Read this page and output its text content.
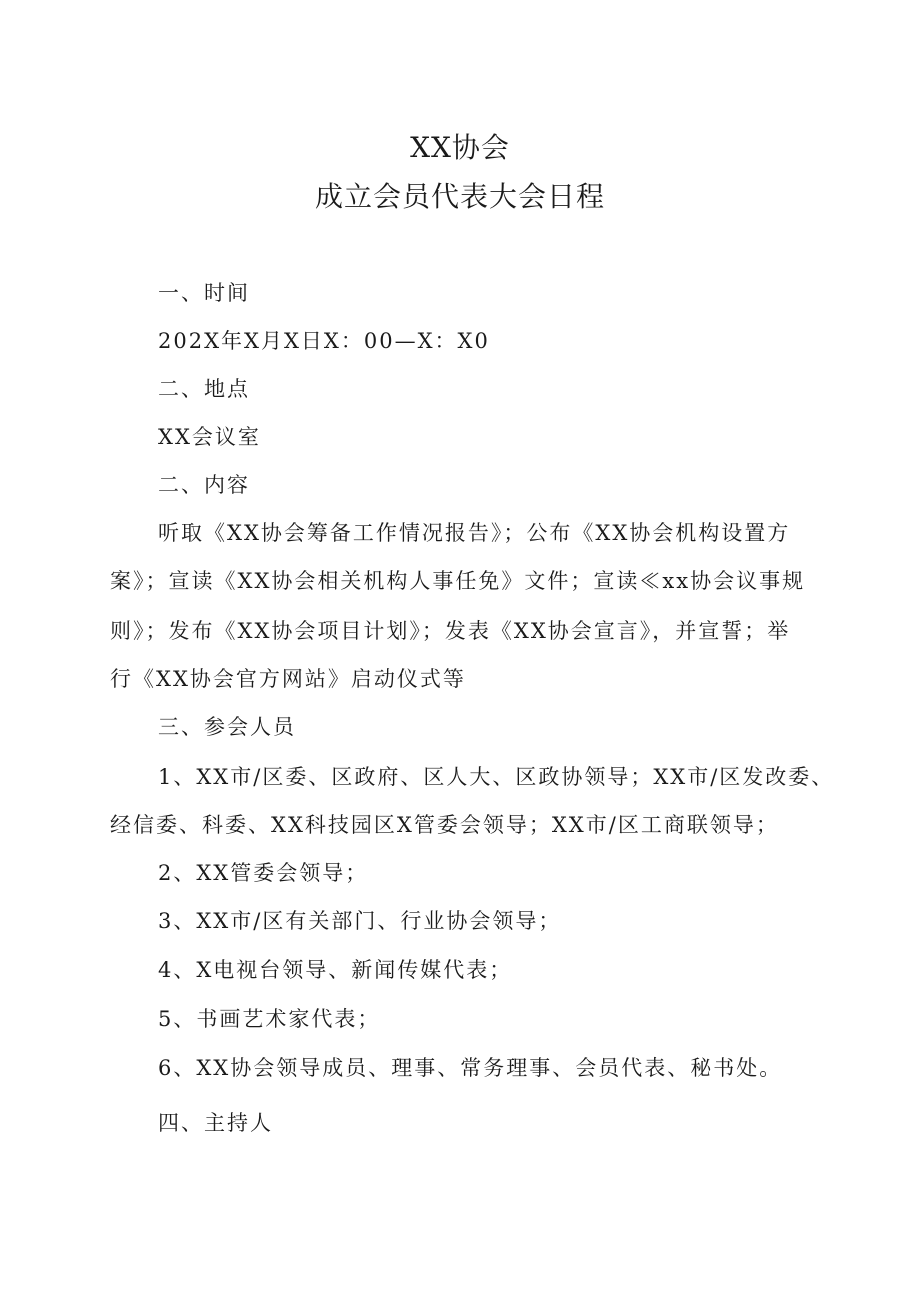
XX协会
成立会员代表大会日程
一、时间
202X年X月X日X：00—X：X0
二、地点
XX会议室
二、内容
听取《XX协会筹备工作情况报告》；公布《XX协会机构设置方
案》；宣读《XX协会相关机构人事任免》文件；宣读≪xx协会议事规
则》；发布《XX协会项目计划》；发表《XX协会宣言》，并宣誓；举
行《XX协会官方网站》启动仪式等
三、参会人员
1、XX市/区委、区政府、区人大、区政协领导；XX市/区发改委、
经信委、科委、XX科技园区X管委会领导；XX市/区工商联领导；
2、XX管委会领导；
3、XX市/区有关部门、行业协会领导；
4、X电视台领导、新闻传媒代表；
5、书画艺术家代表；
6、XX协会领导成员、理事、常务理事、会员代表、秘书处。
四、主持人
